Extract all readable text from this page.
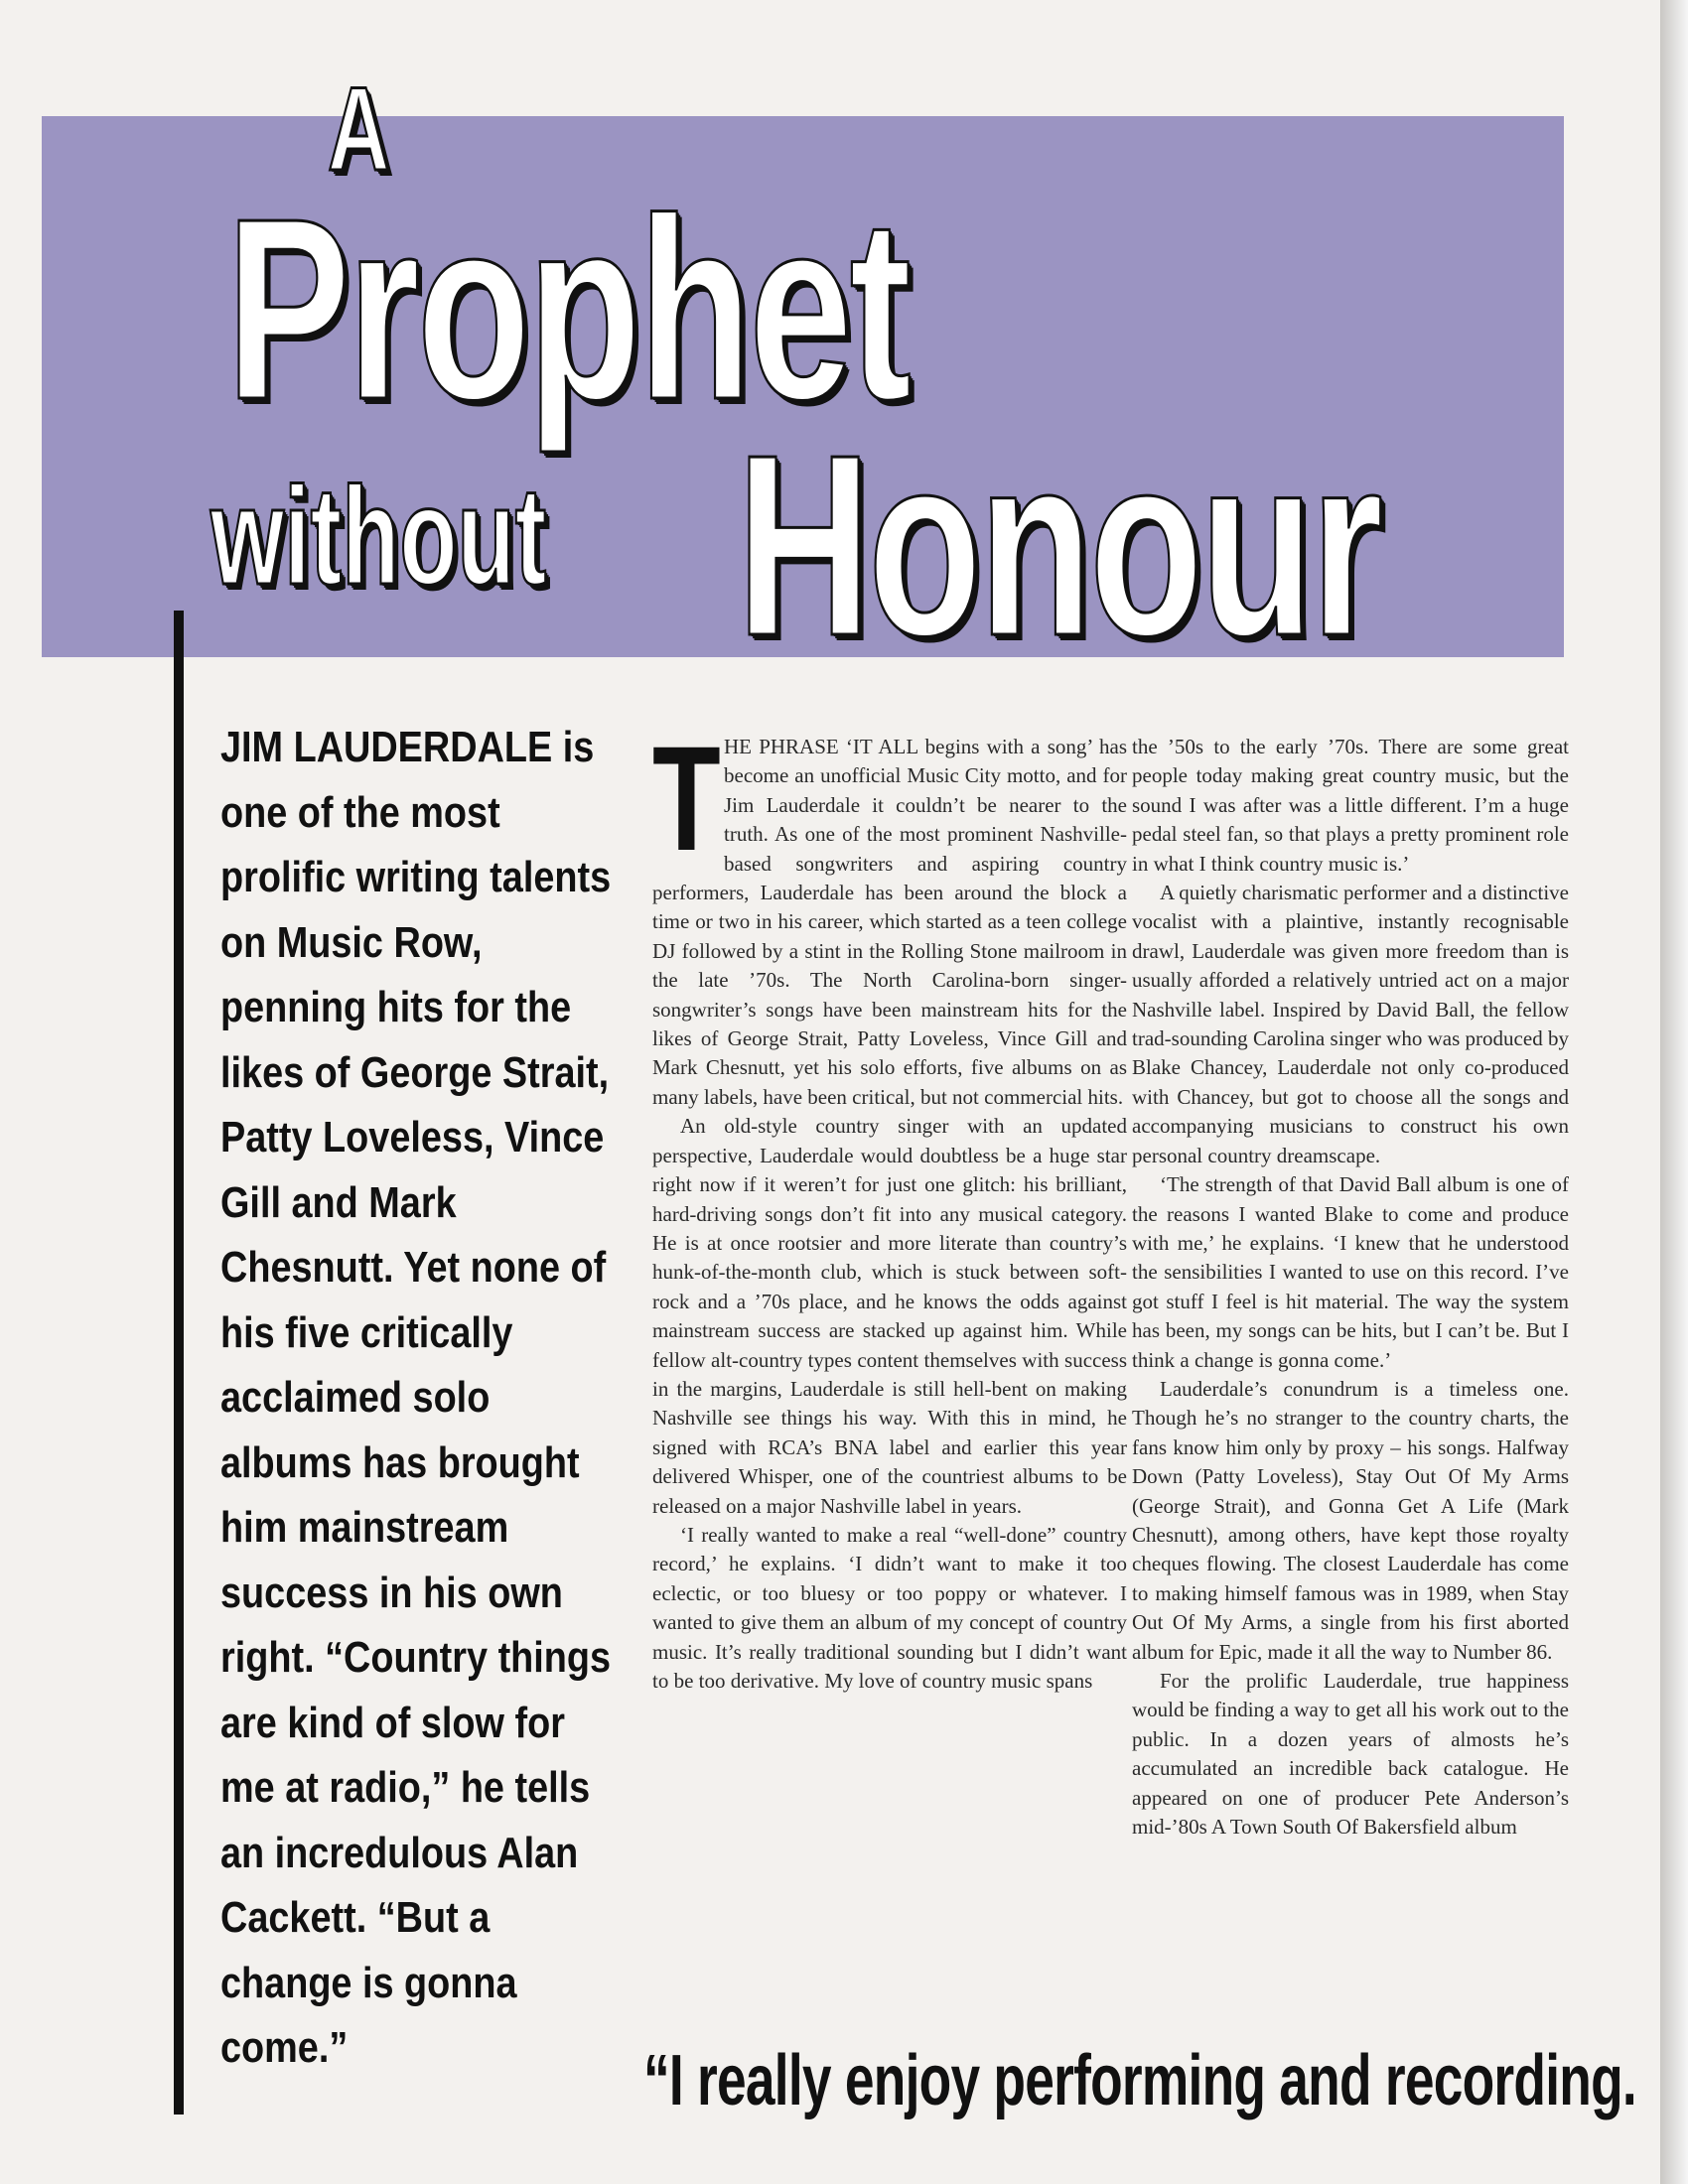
A
Prophet
without Honour

JIM LAUDERDALE is one of the most prolific writing talents on Music Row, penning hits for the likes of George Strait, Patty Loveless, Vince Gill and Mark Chesnutt. Yet none of his five critically acclaimed solo albums has brought him mainstream success in his own right. “Country things are kind of slow for me at radio,” he tells an incredulous Alan Cackett. “But a change is gonna come.”

THE PHRASE ‘IT ALL begins with a song’ has become an unofficial Music City motto, and for Jim Lauderdale it couldn’t be nearer to the truth. As one of the most prominent Nashville-based songwriters and aspiring country performers, Lauderdale has been around the block a time or two in his career, which started as a teen college DJ followed by a stint in the Rolling Stone mailroom in the late ’70s. The North Carolina-born singer-songwriter’s songs have been mainstream hits for the likes of George Strait, Patty Loveless, Vince Gill and Mark Chesnutt, yet his solo efforts, five albums on as many labels, have been critical, but not commercial hits.

An old-style country singer with an updated perspective, Lauderdale would doubtless be a huge star right now if it weren’t for just one glitch: his brilliant, hard-driving songs don’t fit into any musical category. He is at once rootsier and more literate than country’s hunk-of-the-month club, which is stuck between soft-rock and a ’70s place, and he knows the odds against mainstream success are stacked up against him. While fellow alt-country types content themselves with success in the margins, Lauderdale is still hell-bent on making Nashville see things his way. With this in mind, he signed with RCA’s BNA label and earlier this year delivered Whisper, one of the countriest albums to be released on a major Nashville label in years.

‘I really wanted to make a real “well-done” country record,’ he explains. ‘I didn’t want to make it too eclectic, or too bluesy or too poppy or whatever. I wanted to give them an album of my concept of country music. It’s really traditional sounding but I didn’t want to be too derivative. My love of country music spans

the ’50s to the early ’70s. There are some great people today making great country music, but the sound I was after was a little different. I’m a huge pedal steel fan, so that plays a pretty prominent role in what I think country music is.’

A quietly charismatic performer and a distinctive vocalist with a plaintive, instantly recognisable drawl, Lauderdale was given more freedom than is usually afforded a relatively untried act on a major Nashville label. Inspired by David Ball, the fellow trad-sounding Carolina singer who was produced by Blake Chancey, Lauderdale not only co-produced with Chancey, but got to choose all the songs and accompanying musicians to construct his own personal country dreamscape.

‘The strength of that David Ball album is one of the reasons I wanted Blake to come and produce with me,’ he explains. ‘I knew that he understood the sensibilities I wanted to use on this record. I’ve got stuff I feel is hit material. The way the system has been, my songs can be hits, but I can’t be. But I think a change is gonna come.’

Lauderdale’s conundrum is a timeless one. Though he’s no stranger to the country charts, the fans know him only by proxy – his songs. Halfway Down (Patty Loveless), Stay Out Of My Arms (George Strait), and Gonna Get A Life (Mark Chesnutt), among others, have kept those royalty cheques flowing. The closest Lauderdale has come to making himself famous was in 1989, when Stay Out Of My Arms, a single from his first aborted album for Epic, made it all the way to Number 86.

For the prolific Lauderdale, true happiness would be finding a way to get all his work out to the public. In a dozen years of almosts he’s accumulated an incredible back catalogue. He appeared on one of producer Pete Anderson’s mid-’80s A Town South Of Bakersfield album

“I really enjoy performing and recording.
